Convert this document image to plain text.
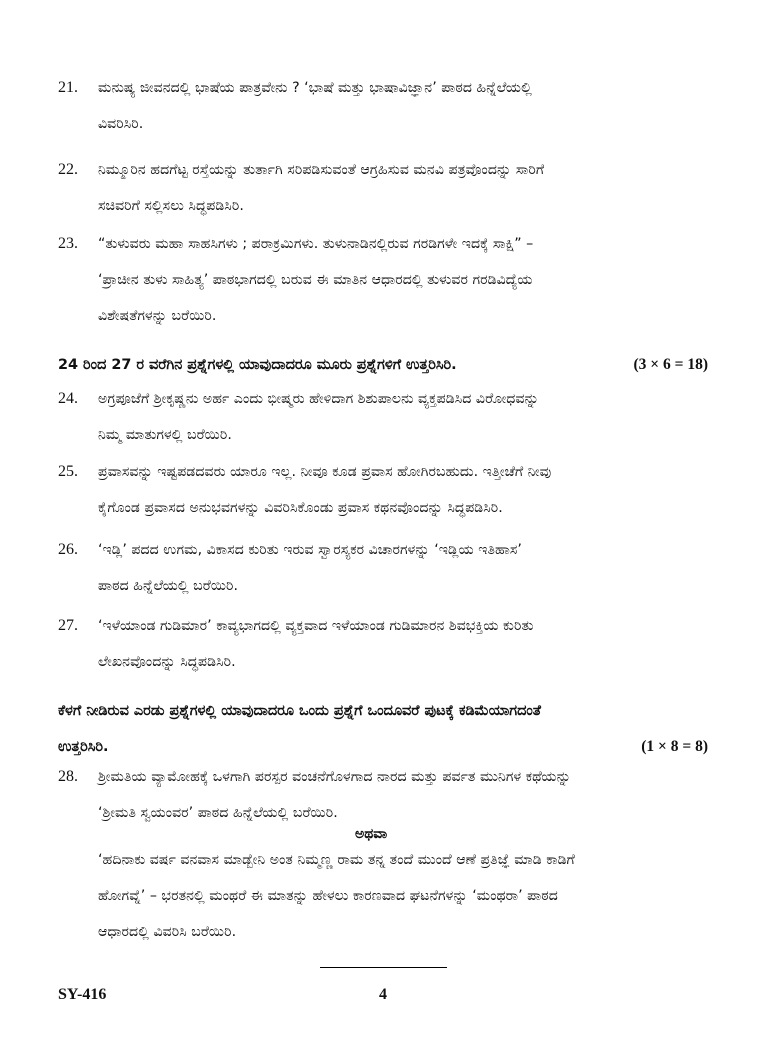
21. ಮನುಷ್ಯ ಜೀವನದಲ್ಲಿ ಭಾಷೆಯ ಪಾತ್ರವೇನು ? ‘ಭಾಷೆ ಮತ್ತು ಭಾಷಾವಿಜ್ಞಾನ’ ಪಾಠದ ಹಿನ್ನೆಲೆಯಲ್ಲಿ
ವಿವರಿಸಿರಿ.
22. ನಿಮ್ಮೂರಿನ ಹದಗೆಟ್ಟ ರಸ್ತೆಯನ್ನು ತುರ್ತಾಗಿ ಸರಿಪಡಿಸುವಂತೆ ಆಗ್ರಹಿಸುವ ಮನವಿ ಪತ್ರವೊಂದನ್ನು ಸಾರಿಗೆ
ಸಚಿವರಿಗೆ ಸಲ್ಲಿಸಲು ಸಿದ್ಧಪಡಿಸಿರಿ.
23. “ತುಳುವರು ಮಹಾ ಸಾಹಸಿಗಳು ; ಪರಾಕ್ರಮಿಗಳು. ತುಳುನಾಡಿನಲ್ಲಿರುವ ಗರಡಿಗಳೇ ಇದಕ್ಕೆ ಸಾಕ್ಷಿ” –
‘ಪ್ರಾಚೀನ ತುಳು ಸಾಹಿತ್ಯ’ ಪಾಠಭಾಗದಲ್ಲಿ ಬರುವ ಈ ಮಾತಿನ ಆಧಾರದಲ್ಲಿ ತುಳುವರ ಗರಡಿವಿದ್ಯೆಯ
ವಿಶೇಷತೆಗಳನ್ನು ಬರೆಯಿರಿ.
24 ರಿಂದ 27 ರ ವರೆಗಿನ ಪ್ರಶ್ನೆಗಳಲ್ಲಿ ಯಾವುದಾದರೂ ಮೂರು ಪ್ರಶ್ನೆಗಳಿಗೆ ಉತ್ತರಿಸಿರಿ.	(3 × 6 = 18)
24. ಅಗ್ರಪೂಜೆಗೆ ಶ್ರೀಕೃಷ್ಣನು ಅರ್ಹ ಎಂದು ಭೀಷ್ಮರು ಹೇಳಿದಾಗ ಶಿಶುಪಾಲನು ವ್ಯಕ್ತಪಡಿಸಿದ ವಿರೋಧವನ್ನು
ನಿಮ್ಮ ಮಾತುಗಳಲ್ಲಿ ಬರೆಯಿರಿ.
25. ಪ್ರವಾಸವನ್ನು ಇಷ್ಟಪಡದವರು ಯಾರೂ ಇಲ್ಲ. ನೀವೂ ಕೂಡ ಪ್ರವಾಸ ಹೋಗಿರಬಹುದು. ಇತ್ತೀಚೆಗೆ ನೀವು
ಕೈಗೊಂಡ ಪ್ರವಾಸದ ಅನುಭವಗಳನ್ನು ವಿವರಿಸಿಕೊಂಡು ಪ್ರವಾಸ ಕಥನವೊಂದನ್ನು ಸಿದ್ಧಪಡಿಸಿರಿ.
26. ‘ಇಡ್ಲಿ’ ಪದದ ಉಗಮ, ವಿಕಾಸದ ಕುರಿತು ಇರುವ ಸ್ವಾರಸ್ಯಕರ ವಿಚಾರಗಳನ್ನು ‘ಇಡ್ಲಿಯ ಇತಿಹಾಸ’
ಪಾಠದ ಹಿನ್ನೆಲೆಯಲ್ಲಿ ಬರೆಯಿರಿ.
27. ‘ಇಳೆಯಾಂಡ ಗುಡಿಮಾರ’ ಕಾವ್ಯಭಾಗದಲ್ಲಿ ವ್ಯಕ್ತವಾದ ಇಳೆಯಾಂಡ ಗುಡಿಮಾರನ ಶಿವಭಕ್ತಿಯ ಕುರಿತು
ಲೇಖನವೊಂದನ್ನು ಸಿದ್ಧಪಡಿಸಿರಿ.
ಕೆಳಗೆ ನೀಡಿರುವ ಎರಡು ಪ್ರಶ್ನೆಗಳಲ್ಲಿ ಯಾವುದಾದರೂ ಒಂದು ಪ್ರಶ್ನೆಗೆ ಒಂದೂವರೆ ಪುಟಕ್ಕೆ ಕಡಿಮೆಯಾಗದಂತೆ
ಉತ್ತರಿಸಿರಿ.	(1 × 8 = 8)
28. ಶ್ರೀಮತಿಯ ವ್ಯಾಮೋಹಕ್ಕೆ ಒಳಗಾಗಿ ಪರಸ್ಪರ ವಂಚನೆಗೊಳಗಾದ ನಾರದ ಮತ್ತು ಪರ್ವತ ಮುನಿಗಳ ಕಥೆಯನ್ನು
‘ಶ್ರೀಮತಿ ಸ್ವಯಂವರ’ ಪಾಠದ ಹಿನ್ನೆಲೆಯಲ್ಲಿ ಬರೆಯಿರಿ.
ಅಥವಾ
‘ಹದಿನಾಕು ವರ್ಷ ವನವಾಸ ಮಾಡ್ಬೇನಿ ಅಂತ ನಿಮ್ಮಣ್ಣ ರಾಮ ತನ್ನ ತಂದೆ ಮುಂದೆ ಆಣೆ ಪ್ರತಿಜ್ಞೆ ಮಾಡಿ ಕಾಡಿಗೆ
ಹೋಗವ್ನೆ’ – ಭರತನಲ್ಲಿ ಮಂಥರೆ ಈ ಮಾತನ್ನು ಹೇಳಲು ಕಾರಣವಾದ ಘಟನೆಗಳನ್ನು ‘ಮಂಥರಾ’ ಪಾಠದ
ಆಧಾರದಲ್ಲಿ ವಿವರಿಸಿ ಬರೆಯಿರಿ.
SY-416	4
